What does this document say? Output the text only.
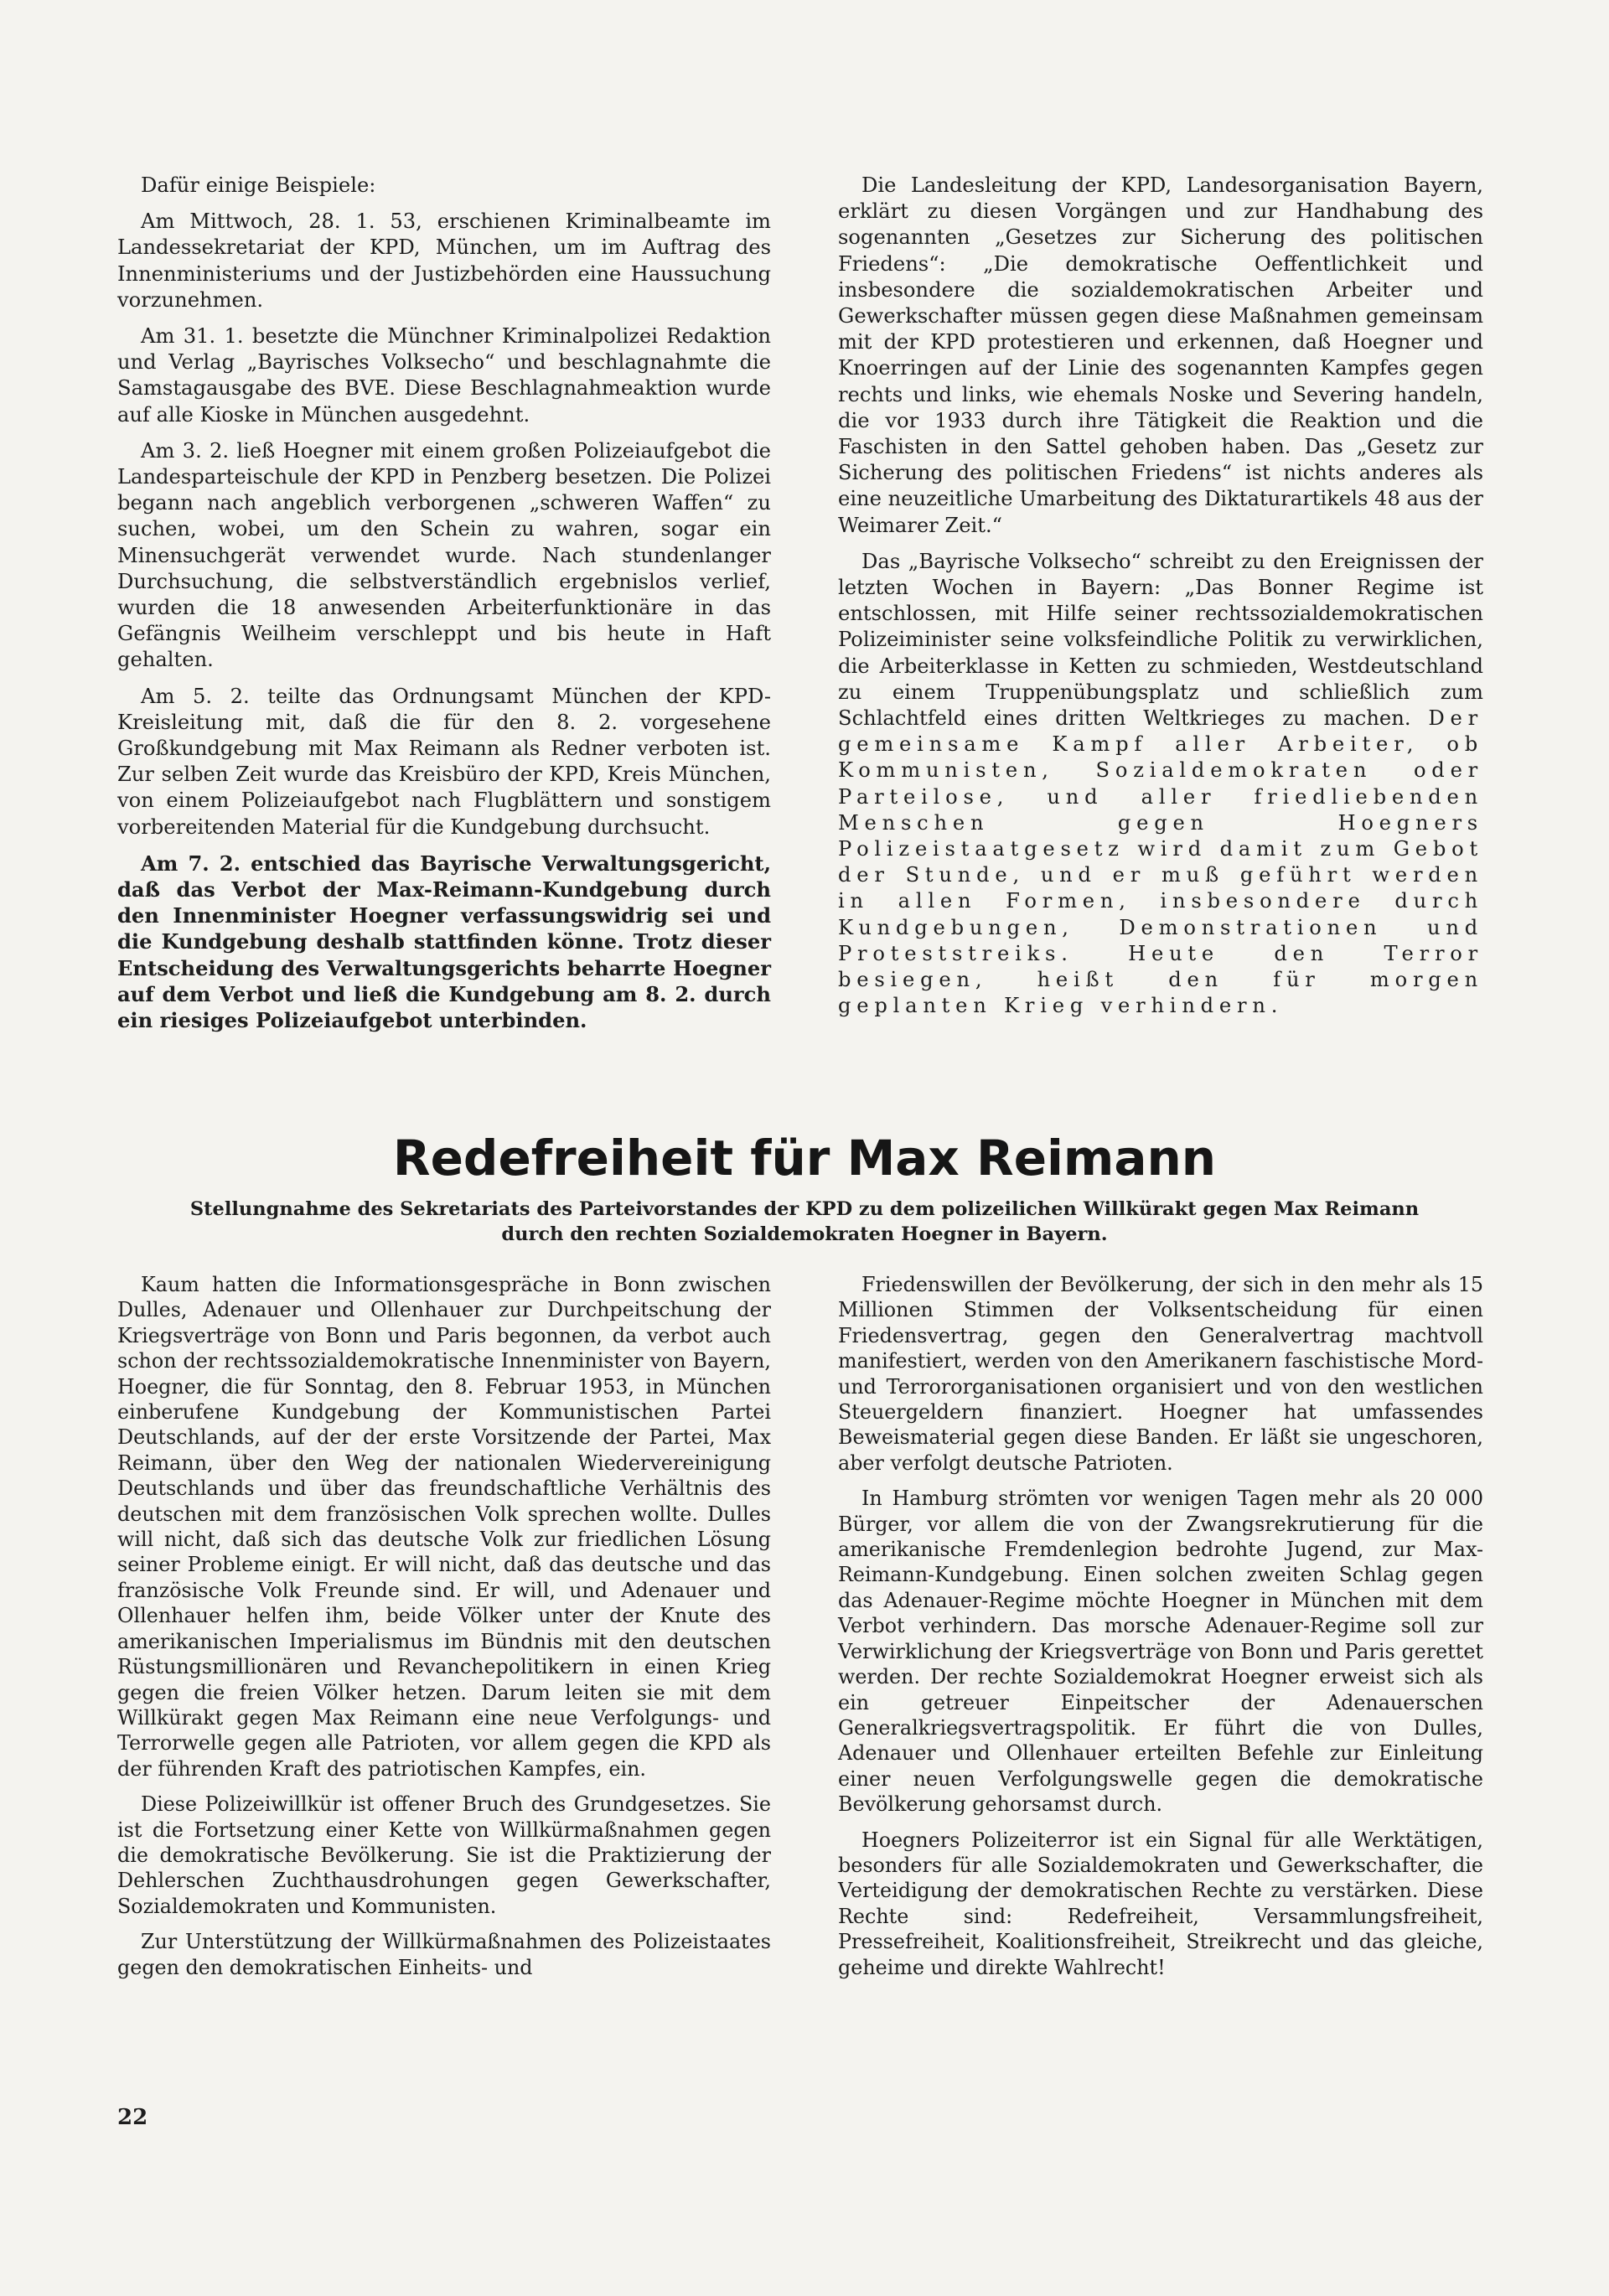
Dafür einige Beispiele:

Am Mittwoch, 28. 1. 53, erschienen Kriminalbeamte im Landessekretariat der KPD, München, um im Auftrag des Innenministeriums und der Justizbehörden eine Haussuchung vorzunehmen.

Am 31. 1. besetzte die Münchner Kriminalpolizei Redaktion und Verlag „Bayrisches Volksecho“ und beschlagnahmte die Samstagausgabe des BVE. Diese Beschlagnahmeaktion wurde auf alle Kioske in München ausgedehnt.

Am 3. 2. ließ Hoegner mit einem großen Polizeiaufgebot die Landesparteischule der KPD in Penzberg besetzen. Die Polizei begann nach angeblich verborgenen „schweren Waffen“ zu suchen, wobei, um den Schein zu wahren, sogar ein Minensuchgerät verwendet wurde. Nach stundenlanger Durchsuchung, die selbstverständlich ergebnislos verlief, wurden die 18 anwesenden Arbeiterfunktionäre in das Gefängnis Weilheim verschleppt und bis heute in Haft gehalten.

Am 5. 2. teilte das Ordnungsamt München der KPD-Kreisleitung mit, daß die für den 8. 2. vorgesehene Großkundgebung mit Max Reimann als Redner verboten ist. Zur selben Zeit wurde das Kreisbüro der KPD, Kreis München, von einem Polizeiaufgebot nach Flugblättern und sonstigem vorbereitenden Material für die Kundgebung durchsucht.

Am 7. 2. entschied das Bayrische Verwaltungsgericht, daß das Verbot der Max-Reimann-Kundgebung durch den Innenminister Hoegner verfassungswidrig sei und die Kundgebung deshalb stattfinden könne. Trotz dieser Entscheidung des Verwaltungsgerichts beharrte Hoegner auf dem Verbot und ließ die Kundgebung am 8. 2. durch ein riesiges Polizeiaufgebot unterbinden.

Die Landesleitung der KPD, Landesorganisation Bayern, erklärt zu diesen Vorgängen und zur Handhabung des sogenannten „Gesetzes zur Sicherung des politischen Friedens“: „Die demokratische Oeffentlichkeit und insbesondere die sozialdemokratischen Arbeiter und Gewerkschafter müssen gegen diese Maßnahmen gemeinsam mit der KPD protestieren und erkennen, daß Hoegner und Knoerringen auf der Linie des sogenannten Kampfes gegen rechts und links, wie ehemals Noske und Severing handeln, die vor 1933 durch ihre Tätigkeit die Reaktion und die Faschisten in den Sattel gehoben haben. Das „Gesetz zur Sicherung des politischen Friedens“ ist nichts anderes als eine neuzeitliche Umarbeitung des Diktaturartikels 48 aus der Weimarer Zeit.“

Das „Bayrische Volksecho“ schreibt zu den Ereignissen der letzten Wochen in Bayern: „Das Bonner Regime ist entschlossen, mit Hilfe seiner rechtssozialdemokratischen Polizeiminister seine volksfeindliche Politik zu verwirklichen, die Arbeiterklasse in Ketten zu schmieden, Westdeutschland zu einem Truppenübungsplatz und schließlich zum Schlachtfeld eines dritten Weltkrieges zu machen. Der gemeinsame Kampf aller Arbeiter, ob Kommunisten, Sozialdemokraten oder Parteilose, und aller friedliebenden Menschen gegen Hoegners Polizeistaatgesetz wird damit zum Gebot der Stunde, und er muß geführt werden in allen Formen, insbesondere durch Kundgebungen, Demonstrationen und Proteststreiks. Heute den Terror besiegen, heißt den für morgen geplanten Krieg verhindern.

Redefreiheit für Max Reimann

Stellungnahme des Sekretariats des Parteivorstandes der KPD zu dem polizeilichen Willkürakt gegen Max Reimann durch den rechten Sozialdemokraten Hoegner in Bayern.

Kaum hatten die Informationsgespräche in Bonn zwischen Dulles, Adenauer und Ollenhauer zur Durchpeitschung der Kriegsverträge von Bonn und Paris begonnen, da verbot auch schon der rechtssozialdemokratische Innenminister von Bayern, Hoegner, die für Sonntag, den 8. Februar 1953, in München einberufene Kundgebung der Kommunistischen Partei Deutschlands, auf der der erste Vorsitzende der Partei, Max Reimann, über den Weg der nationalen Wiedervereinigung Deutschlands und über das freundschaftliche Verhältnis des deutschen mit dem französischen Volk sprechen wollte. Dulles will nicht, daß sich das deutsche Volk zur friedlichen Lösung seiner Probleme einigt. Er will nicht, daß das deutsche und das französische Volk Freunde sind. Er will, und Adenauer und Ollenhauer helfen ihm, beide Völker unter der Knute des amerikanischen Imperialismus im Bündnis mit den deutschen Rüstungsmillionären und Revanchepolitikern in einen Krieg gegen die freien Völker hetzen. Darum leiten sie mit dem Willkürakt gegen Max Reimann eine neue Verfolgungs- und Terrorwelle gegen alle Patrioten, vor allem gegen die KPD als der führenden Kraft des patriotischen Kampfes, ein.

Diese Polizeiwillkür ist offener Bruch des Grundgesetzes. Sie ist die Fortsetzung einer Kette von Willkürmaßnahmen gegen die demokratische Bevölkerung. Sie ist die Praktizierung der Dehlerschen Zuchthausdrohungen gegen Gewerkschafter, Sozialdemokraten und Kommunisten.

Zur Unterstützung der Willkürmaßnahmen des Polizeistaates gegen den demokratischen Einheits- und

Friedenswillen der Bevölkerung, der sich in den mehr als 15 Millionen Stimmen der Volksentscheidung für einen Friedensvertrag, gegen den Generalvertrag machtvoll manifestiert, werden von den Amerikanern faschistische Mord- und Terrororganisationen organisiert und von den westlichen Steuergeldern finanziert. Hoegner hat umfassendes Beweismaterial gegen diese Banden. Er läßt sie ungeschoren, aber verfolgt deutsche Patrioten.

In Hamburg strömten vor wenigen Tagen mehr als 20 000 Bürger, vor allem die von der Zwangsrekrutierung für die amerikanische Fremdenlegion bedrohte Jugend, zur Max-Reimann-Kundgebung. Einen solchen zweiten Schlag gegen das Adenauer-Regime möchte Hoegner in München mit dem Verbot verhindern. Das morsche Adenauer-Regime soll zur Verwirklichung der Kriegsverträge von Bonn und Paris gerettet werden. Der rechte Sozialdemokrat Hoegner erweist sich als ein getreuer Einpeitscher der Adenauerschen Generalkriegsvertragspolitik. Er führt die von Dulles, Adenauer und Ollenhauer erteilten Befehle zur Einleitung einer neuen Verfolgungswelle gegen die demokratische Bevölkerung gehorsamst durch.

Hoegners Polizeiterror ist ein Signal für alle Werktätigen, besonders für alle Sozialdemokraten und Gewerkschafter, die Verteidigung der demokratischen Rechte zu verstärken. Diese Rechte sind: Redefreiheit, Versammlungsfreiheit, Pressefreiheit, Koalitionsfreiheit, Streikrecht und das gleiche, geheime und direkte Wahlrecht!

22
